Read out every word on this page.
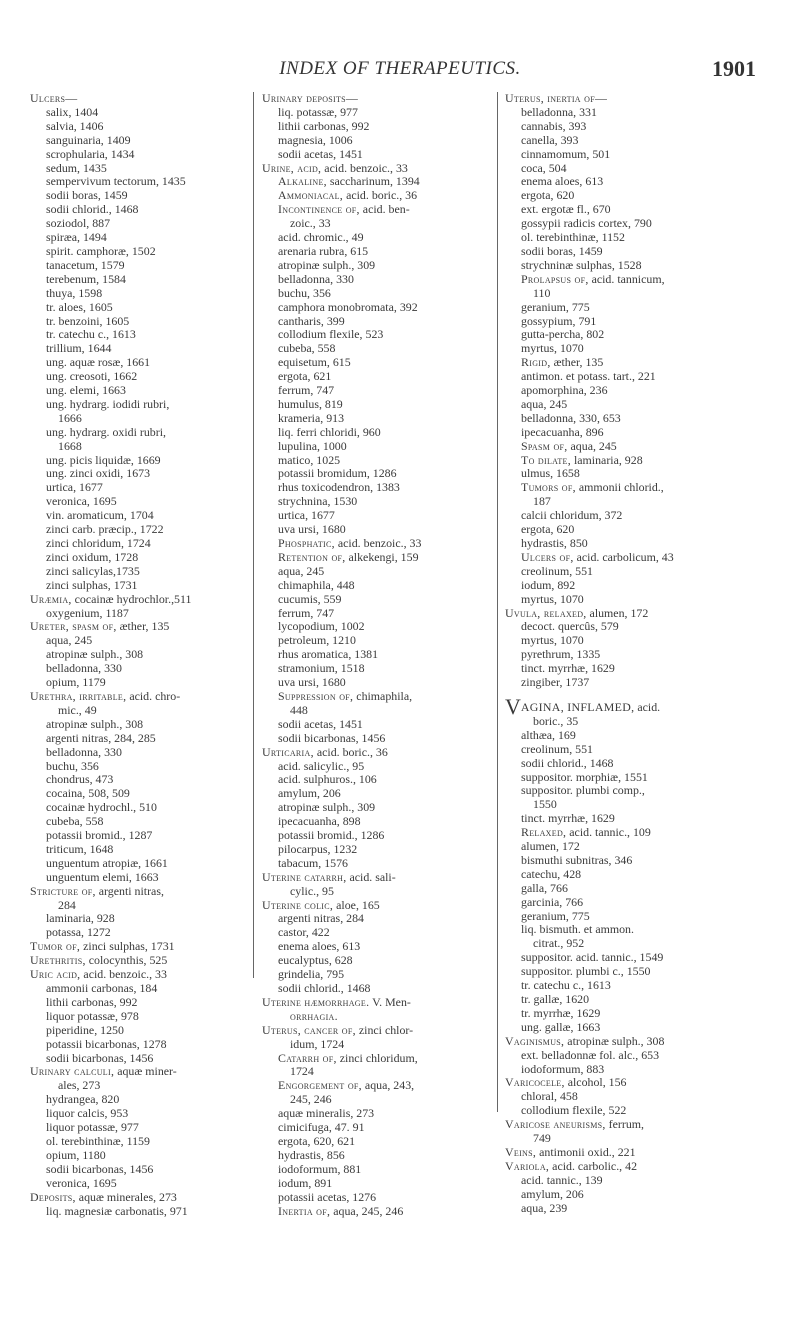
INDEX OF THERAPEUTICS.	1901
Ulcers—
salix, 1404
salvia, 1406
sanguinaria, 1409
scrophularia, 1434
sedum, 1435
sempervivum tectorum, 1435
sodii boras, 1459
sodii chlorid., 1468
soziodol, 887
spiræa, 1494
spirit. camphoræ, 1502
tanacetum, 1579
terebenum, 1584
thuya, 1598
tr. aloes, 1605
tr. benzoini, 1605
tr. catechu c., 1613
trillium, 1644
ung. aquæ rosæ, 1661
ung. creosoti, 1662
ung. elemi, 1663
ung. hydrarg. iodidi rubri,
1666
ung. hydrarg. oxidi rubri,
1668
ung. picis liquidæ, 1669
ung. zinci oxidi, 1673
urtica, 1677
veronica, 1695
vin. aromaticum, 1704
zinci carb. præcip., 1722
zinci chloridum, 1724
zinci oxidum, 1728
zinci salicylas,1735
zinci sulphas, 1731
Uræmia, cocainæ hydrochlor.,511
oxygenium, 1187
Ureter, spasm of, æther, 135
aqua, 245
atropinæ sulph., 308
belladonna, 330
opium, 1179
Urethra, irritable, acid. chro-
mic., 49
atropinæ sulph., 308
argenti nitras, 284, 285
belladonna, 330
buchu, 356
chondrus, 473
cocaina, 508, 509
cocainæ hydrochl., 510
cubeba, 558
potassii bromid., 1287
triticum, 1648
unguentum atropiæ, 1661
unguentum elemi, 1663
Stricture of, argenti nitras,
284
laminaria, 928
potassa, 1272
Tumor of, zinci sulphas, 1731
Urethritis, colocynthis, 525
Uric acid, acid. benzoic., 33
ammonii carbonas, 184
lithii carbonas, 992
liquor potassæ, 978
piperidine, 1250
potassii bicarbonas, 1278
sodii bicarbonas, 1456
Urinary calculi, aquæ miner-
ales, 273
hydrangea, 820
liquor calcis, 953
liquor potassæ, 977
ol. terebinthinæ, 1159
opium, 1180
sodii bicarbonas, 1456
veronica, 1695
Deposits, aquæ minerales, 273
liq. magnesiæ carbonatis, 971
Urinary deposits—
liq. potassæ, 977
lithii carbonas, 992
magnesia, 1006
sodii acetas, 1451
Urine, acid, acid. benzoic., 33
Alkaline, saccharinum, 1394
Ammoniacal, acid. boric., 36
Incontinence of, acid. ben-
zoic., 33
acid. chromic., 49
arenaria rubra, 615
atropinæ sulph., 309
belladonna, 330
buchu, 356
camphora monobromata, 392
cantharis, 399
collodium flexile, 523
cubeba, 558
equisetum, 615
ergota, 621
ferrum, 747
humulus, 819
krameria, 913
liq. ferri chloridi, 960
lupulina, 1000
matico, 1025
potassii bromidum, 1286
rhus toxicodendron, 1383
strychnina, 1530
urtica, 1677
uva ursi, 1680
Phosphatic, acid. benzoic., 33
Retention of, alkekengi, 159
aqua, 245
chimaphila, 448
cucumis, 559
ferrum, 747
lycopodium, 1002
petroleum, 1210
rhus aromatica, 1381
stramonium, 1518
uva ursi, 1680
Suppression of, chimaphila,
448
sodii acetas, 1451
sodii bicarbonas, 1456
Urticaria, acid. boric., 36
acid. salicylic., 95
acid. sulphuros., 106
amylum, 206
atropinæ sulph., 309
ipecacuanha, 898
potassii bromid., 1286
pilocarpus, 1232
tabacum, 1576
Uterine catarrh, acid. sali-
cylic., 95
Uterine colic, aloe, 165
argenti nitras, 284
castor, 422
enema aloes, 613
eucalyptus, 628
grindelia, 795
sodii chlorid., 1468
Uterine hæmorrhage. V. Men-
orrhagia.
Uterus, cancer of, zinci chlor-
idum, 1724
Catarrh of, zinci chloridum,
1724
Engorgement of, aqua, 243,
245, 246
aquæ mineralis, 273
cimicifuga, 47. 91
ergota, 620, 621
hydrastis, 856
iodoformum, 881
iodum, 891
potassii acetas, 1276
Inertia of, aqua, 245, 246
Uterus, inertia of—
belladonna, 331
cannabis, 393
canella, 393
cinnamomum, 501
coca, 504
enema aloes, 613
ergota, 620
ext. ergotæ fl., 670
gossypii radicis cortex, 790
ol. terebinthinæ, 1152
sodii boras, 1459
strychninæ sulphas, 1528
Prolapsus of, acid. tannicum,
110
geranium, 775
gossypium, 791
gutta-percha, 802
myrtus, 1070
Rigid, æther, 135
antimon. et potass. tart., 221
apomorphina, 236
aqua, 245
belladonna, 330, 653
ipecacuanha, 896
Spasm of, aqua, 245
To dilate, laminaria, 928
ulmus, 1658
Tumors of, ammonii chlorid.,
187
calcii chloridum, 372
ergota, 620
hydrastis, 850
Ulcers of, acid. carbolicum, 43
creolinum, 551
iodum, 892
myrtus, 1070
Uvula, relaxed, alumen, 172
decoct. quercûs, 579
myrtus, 1070
pyrethrum, 1335
tinct. myrrhæ, 1629
zingiber, 1737
VAGINA, INFLAMED, acid.
boric., 35
althæa, 169
creolinum, 551
sodii chlorid., 1468
suppositor. morphiæ, 1551
suppositor. plumbi comp.,
1550
tinct. myrrhæ, 1629
Relaxed, acid. tannic., 109
alumen, 172
bismuthi subnitras, 346
catechu, 428
galla, 766
garcinia, 766
geranium, 775
liq. bismuth. et ammon.
citrat., 952
suppositor. acid. tannic., 1549
suppositor. plumbi c., 1550
tr. catechu c., 1613
tr. gallæ, 1620
tr. myrrhæ, 1629
ung. gallæ, 1663
Vaginismus, atropinæ sulph., 308
ext. belladonnæ fol. alc., 653
iodoformum, 883
Varicocele, alcohol, 156
chloral, 458
collodium flexile, 522
Varicose aneurisms, ferrum,
749
Veins, antimonii oxid., 221
Variola, acid. carbolic., 42
acid. tannic., 139
amylum, 206
aqua, 239
